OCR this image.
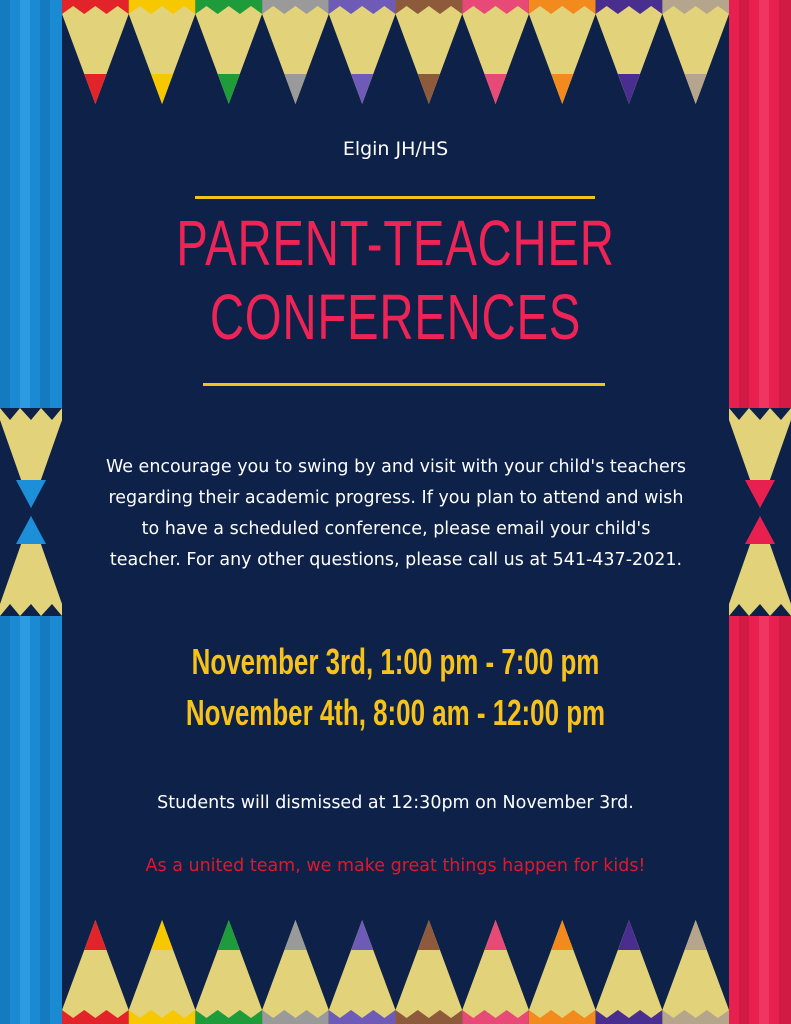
Elgin JH/HS
PARENT-TEACHER
CONFERENCES
We encourage you to swing by and visit with your child's teachers regarding their academic progress. If you plan to attend and wish to have a scheduled conference, please email your child's teacher. For any other questions, please call us at 541-437-2021.
November 3rd, 1:00 pm - 7:00 pm
November 4th, 8:00 am - 12:00 pm
Students will dismissed at 12:30pm on November 3rd.
As a united team, we make great things happen for kids!
